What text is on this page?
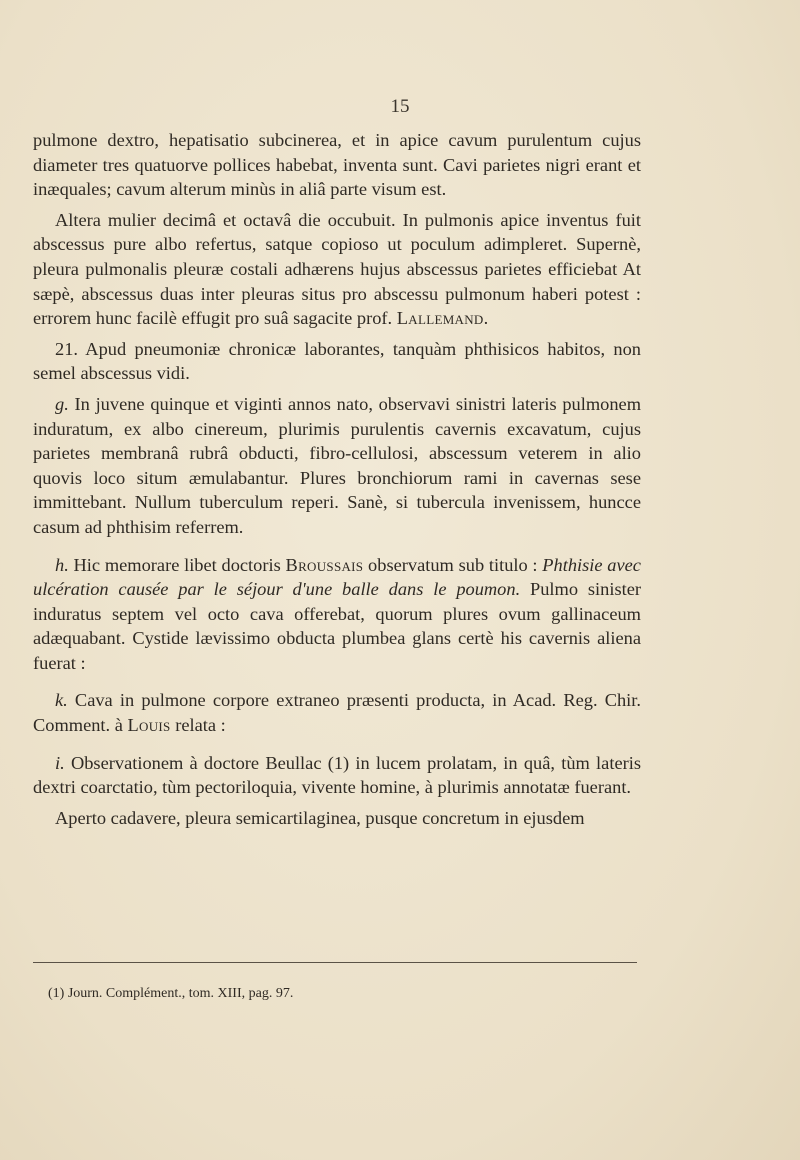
15

pulmone dextro, hepatisatio subcinerea, et in apice cavum purulentum cujus diameter tres quatuorve pollices habebat, inventa sunt. Cavi parietes nigri erant et inæquales; cavum alterum minùs in aliâ parte visum est.

Altera mulier decimâ et octavâ die occubuit. In pulmonis apice inventus fuit abscessus pure albo refertus, satque copioso ut poculum adimpleret. Supernè, pleura pulmonalis pleuræ costali adhærens hujus abscessus parietes efficiebat At sæpè, abscessus duas inter pleuras situs pro abscessu pulmonum haberi potest : errorem hunc facilè effugit pro suâ sagacite prof. Lallemand.

21. Apud pneumoniæ chronicæ laborantes, tanquàm phthisicos habitos, non semel abscessus vidi.

g. In juvene quinque et viginti annos nato, observavi sinistri lateris pulmonem induratum, ex albo cinereum, plurimis purulentis cavernis excavatum, cujus parietes membranâ rubrâ obducti, fibro-cellulosi, abscessum veterem in alio quovis loco situm æmulabantur. Plures bronchiorum rami in cavernas sese immittebant. Nullum tuberculum reperi. Sanè, si tubercula invenissem, huncce casum ad phthisim referrem.

h. Hic memorare libet doctoris Broussais observatum sub titulo : Phthisie avec ulcération causée par le séjour d'une balle dans le poumon. Pulmo sinister induratus septem vel octo cava offerebat, quorum plures ovum gallinaceum adæquabant. Cystide lævissimo obducta plumbea glans certè his cavernis aliena fuerat :

k. Cava in pulmone corpore extraneo præsenti producta, in Acad. Reg. Chir. Comment. à Louis relata :

i. Observationem à doctore Beullac (1) in lucem prolatam, in quâ, tùm lateris dextri coarctatio, tùm pectoriloquia, vivente homine, à plurimis annotatæ fuerant.

Aperto cadavere, pleura semicartilaginea, pusque concretum in ejusdem

(1) Journ. Complément., tom. XIII, pag. 97.
